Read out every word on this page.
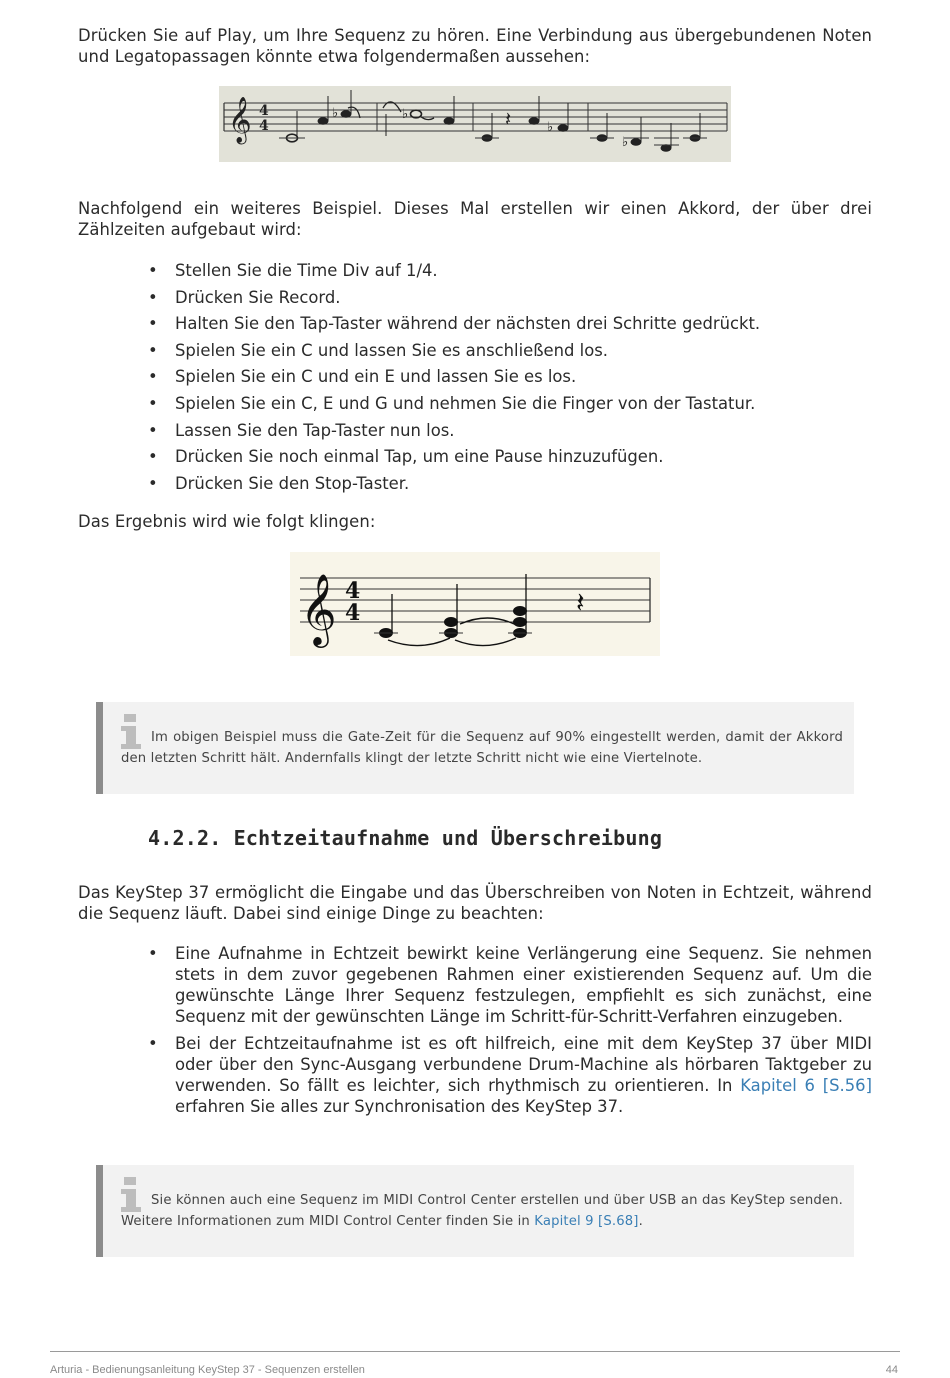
Drücken Sie auf Play, um Ihre Sequenz zu hören. Eine Verbindung aus übergebundenen Noten und Legatopassagen könnte etwa folgendermaßen aussehen:

𝄞 4
4
♭	♭	𝄽	♭
♭

Nachfolgend ein weiteres Beispiel. Dieses Mal erstellen wir einen Akkord, der über drei Zählzeiten aufgebaut wird:

• Stellen Sie die Time Div auf 1/4.
• Drücken Sie Record.
• Halten Sie den Tap-Taster während der nächsten drei Schritte gedrückt.
• Spielen Sie ein C und lassen Sie es anschließend los.
• Spielen Sie ein C und ein E und lassen Sie es los.
• Spielen Sie ein C, E und G und nehmen Sie die Finger von der Tastatur.
• Lassen Sie den Tap-Taster nun los.
• Drücken Sie noch einmal Tap, um eine Pause hinzuzufügen.
• Drücken Sie den Stop-Taster.

Das Ergebnis wird wie folgt klingen:

𝄞 4
4	𝄽

Im obigen Beispiel muss die Gate-Zeit für die Sequenz auf 90% eingestellt werden, damit der Akkord den letzten Schritt hält. Andernfalls klingt der letzte Schritt nicht wie eine Viertelnote.

4.2.2. Echtzeitaufnahme und Überschreibung

Das KeyStep 37 ermöglicht die Eingabe und das Überschreiben von Noten in Echtzeit, während die Sequenz läuft. Dabei sind einige Dinge zu beachten:

• Eine Aufnahme in Echtzeit bewirkt keine Verlängerung eine Sequenz. Sie nehmen stets in dem zuvor gegebenen Rahmen einer existierenden Sequenz auf. Um die gewünschte Länge Ihrer Sequenz festzulegen, empfiehlt es sich zunächst, eine Sequenz mit der gewünschten Länge im Schritt-für-Schritt-Verfahren einzugeben.
• Bei der Echtzeitaufnahme ist es oft hilfreich, eine mit dem KeyStep 37 über MIDI oder über den Sync-Ausgang verbundene Drum-Machine als hörbaren Taktgeber zu verwenden. So fällt es leichter, sich rhythmisch zu orientieren. In Kapitel 6 [S.56] erfahren Sie alles zur Synchronisation des KeyStep 37.

Sie können auch eine Sequenz im MIDI Control Center erstellen und über USB an das KeyStep senden. Weitere Informationen zum MIDI Control Center finden Sie in Kapitel 9 [S.68].

Arturia - Bedienungsanleitung KeyStep 37 - Sequenzen erstellen	44
